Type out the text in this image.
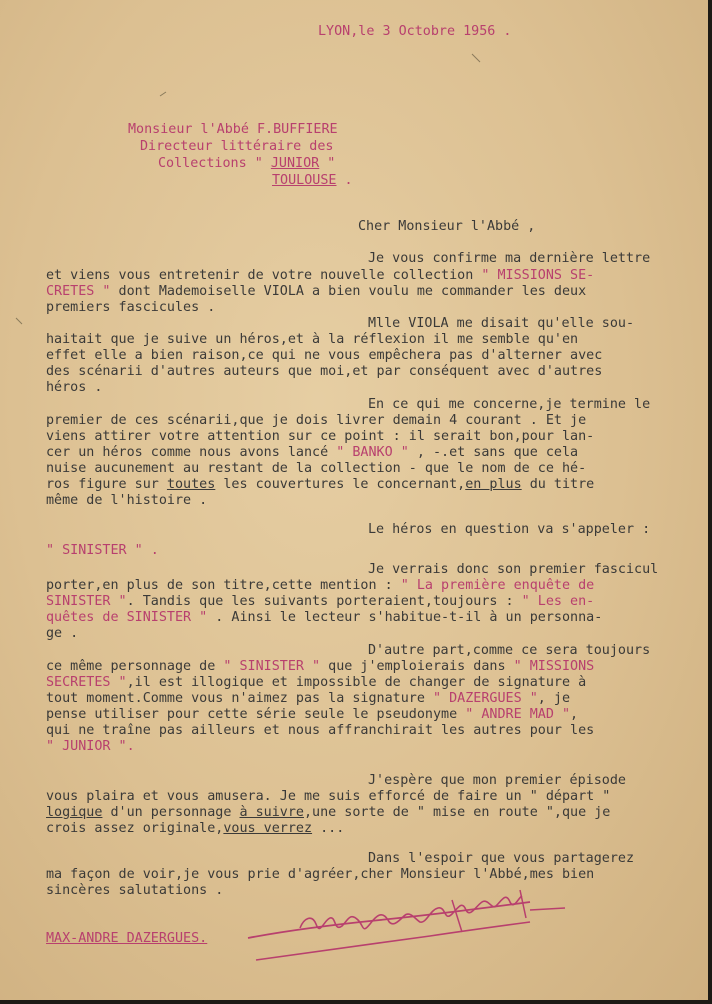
LYON,le 3 Octobre 1956 .
Monsieur l'Abbé F.BUFFIERE
Directeur littéraire des
Collections " JUNIOR "
TOULOUSE .
Cher Monsieur l'Abbé ,
Je vous confirme ma dernière lettre
et viens vous entretenir de votre nouvelle collection " MISSIONS SE-
CRETES " dont Mademoiselle VIOLA a bien voulu me commander les deux
premiers fascicules .
Mlle VIOLA me disait qu'elle sou-
haitait que je suive un héros,et à la réflexion il me semble qu'en
effet elle a bien raison,ce qui ne vous empêchera pas d'alterner avec
des scénarii d'autres auteurs que moi,et par conséquent avec d'autres
héros .
En ce qui me concerne,je termine le
premier de ces scénarii,que je dois livrer demain 4 courant . Et je
viens attirer votre attention sur ce point : il serait bon,pour lan-
cer un héros comme nous avons lancé " BANKO " , -.et sans que cela
nuise aucunement au restant de la collection - que le nom de ce hé-
ros figure sur toutes les couvertures le concernant,en plus du titre
même de l'histoire .
Le héros en question va s'appeler :
" SINISTER " .
Je verrais donc son premier fascicul
porter,en plus de son titre,cette mention : " La première enquête de
SINISTER ". Tandis que les suivants porteraient,toujours : " Les en-
quêtes de SINISTER " . Ainsi le lecteur s'habitue-t-il à un personna-
ge .
D'autre part,comme ce sera toujours
ce même personnage de " SINISTER " que j'emploierais dans " MISSIONS
SECRETES ",il est illogique et impossible de changer de signature à
tout moment.Comme vous n'aimez pas la signature " DAZERGUES ", je
pense utiliser pour cette série seule le pseudonyme " ANDRE MAD ",
qui ne traîne pas ailleurs et nous affranchirait les autres pour les
" JUNIOR ".
J'espère que mon premier épisode
vous plaira et vous amusera. Je me suis efforcé de faire un " départ "
logique d'un personnage à suivre,une sorte de " mise en route ",que je
crois assez originale,vous verrez ...
Dans l'espoir que vous partagerez
ma façon de voir,je vous prie d'agréer,cher Monsieur l'Abbé,mes bien
sincères salutations .
MAX-ANDRE DAZERGUES.
